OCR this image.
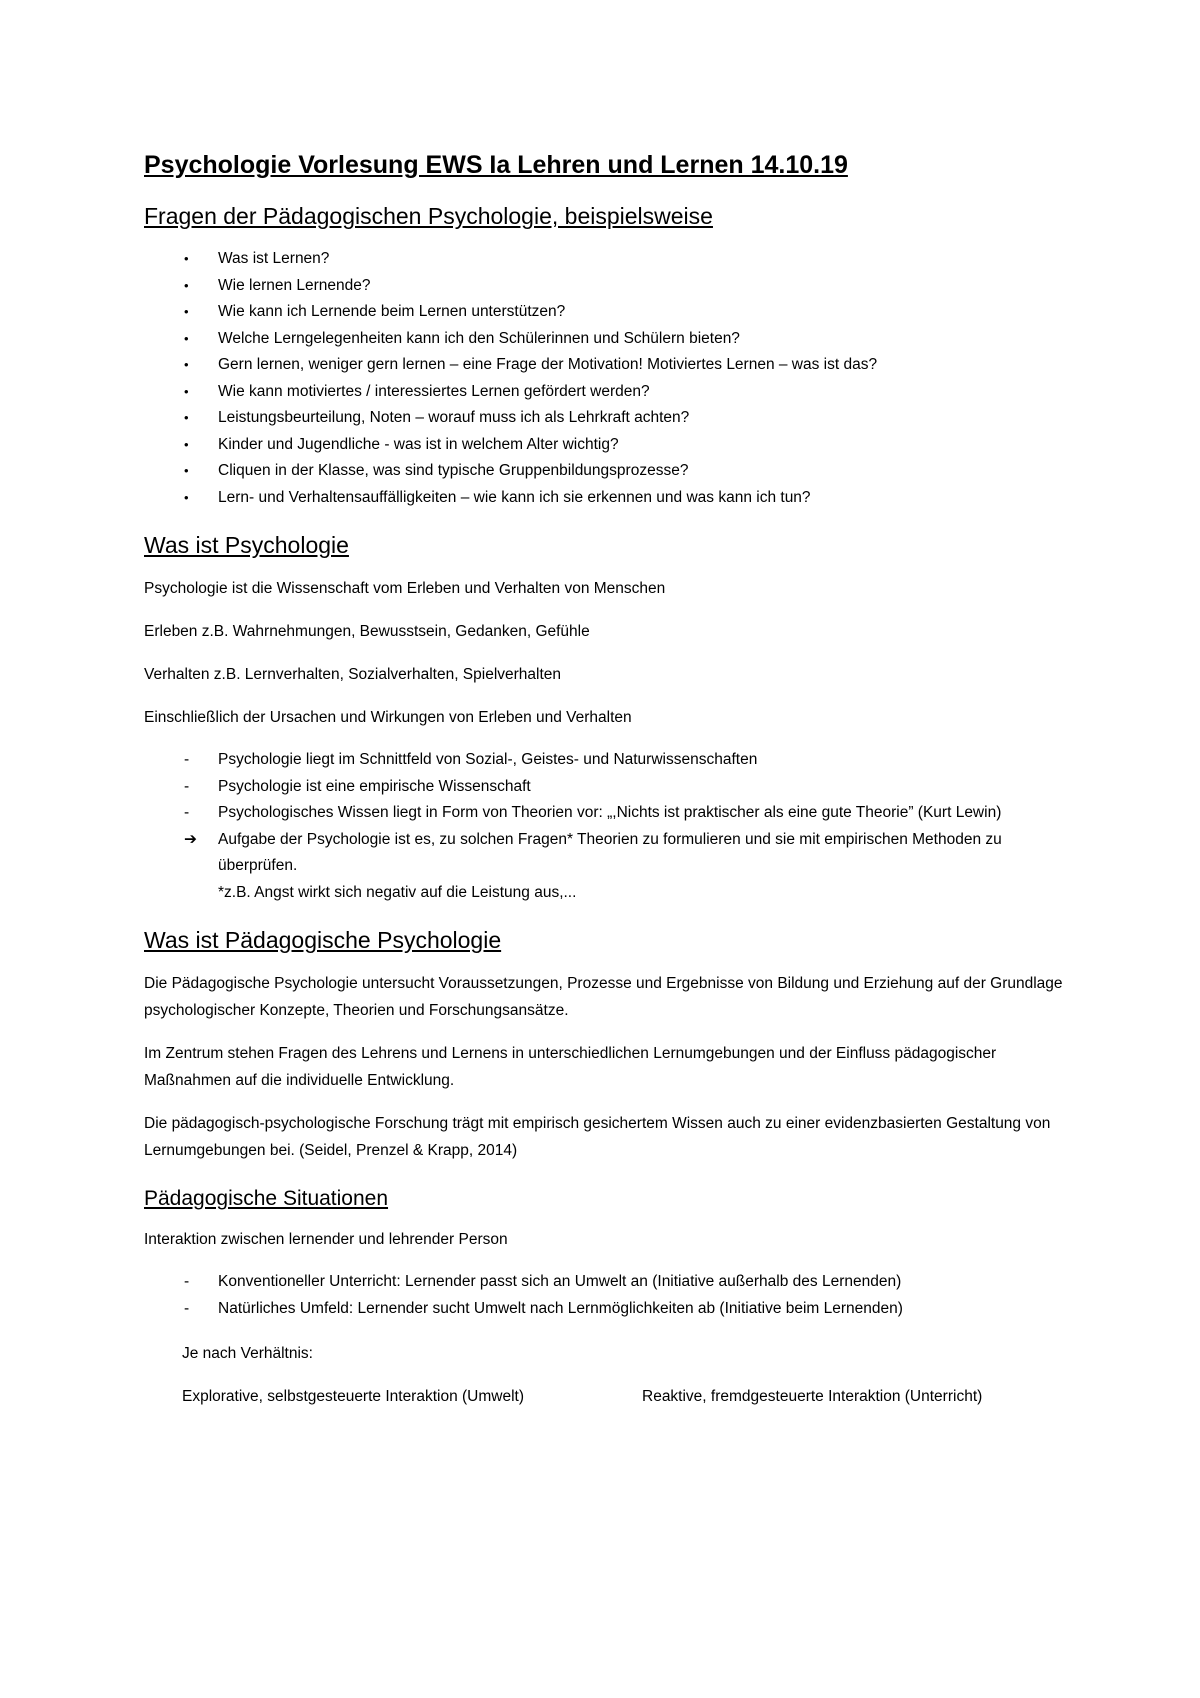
Psychologie Vorlesung EWS Ia Lehren und Lernen 14.10.19
Fragen der Pädagogischen Psychologie, beispielsweise
•	Was ist Lernen?
•	Wie lernen Lernende?
•	Wie kann ich Lernende beim Lernen unterstützen?
•	Welche Lerngelegenheiten kann ich den Schülerinnen und Schülern bieten?
•	Gern lernen, weniger gern lernen – eine Frage der Motivation! Motiviertes Lernen – was ist das?
•	Wie kann motiviertes / interessiertes Lernen gefördert werden?
•	Leistungsbeurteilung, Noten – worauf muss ich als Lehrkraft achten?
•	Kinder und Jugendliche - was ist in welchem Alter wichtig?
•	Cliquen in der Klasse, was sind typische Gruppenbildungsprozesse?
•	Lern- und Verhaltensauffälligkeiten – wie kann ich sie erkennen und was kann ich tun?
Was ist Psychologie

Psychologie ist die Wissenschaft vom Erleben und Verhalten von Menschen

Erleben z.B. Wahrnehmungen, Bewusstsein, Gedanken, Gefühle

Verhalten z.B. Lernverhalten, Sozialverhalten, Spielverhalten

Einschließlich der Ursachen und Wirkungen von Erleben und Verhalten

-	Psychologie liegt im Schnittfeld von Sozial-, Geistes- und Naturwissenschaften
-	Psychologie ist eine empirische Wissenschaft
-	Psychologisches Wissen liegt in Form von Theorien vor: „,Nichts ist praktischer als eine gute Theorie” (Kurt Lewin)
➔	Aufgabe der Psychologie ist es, zu solchen Fragen* Theorien zu formulieren und sie mit empirischen Methoden zu überprüfen.
*z.B. Angst wirkt sich negativ auf die Leistung aus,...
Was ist Pädagogische Psychologie

Die Pädagogische Psychologie untersucht Voraussetzungen, Prozesse und Ergebnisse von Bildung und Erziehung auf der Grundlage psychologischer Konzepte, Theorien und Forschungsansätze.

Im Zentrum stehen Fragen des Lehrens und Lernens in unterschiedlichen Lernumgebungen und der Einfluss pädagogischer Maßnahmen auf die individuelle Entwicklung.

Die pädagogisch-psychologische Forschung trägt mit empirisch gesichertem Wissen auch zu einer evidenzbasierten Gestaltung von Lernumgebungen bei. (Seidel, Prenzel & Krapp, 2014)

Pädagogische Situationen

Interaktion zwischen lernender und lehrender Person

-	Konventioneller Unterricht: Lernender passt sich an Umwelt an (Initiative außerhalb des Lernenden)
-	Natürliches Umfeld: Lernender sucht Umwelt nach Lernmöglichkeiten ab (Initiative beim Lernenden)

Je nach Verhältnis:

Explorative, selbstgesteuerte Interaktion (Umwelt)	Reaktive, fremdgesteuerte Interaktion (Unterricht)
